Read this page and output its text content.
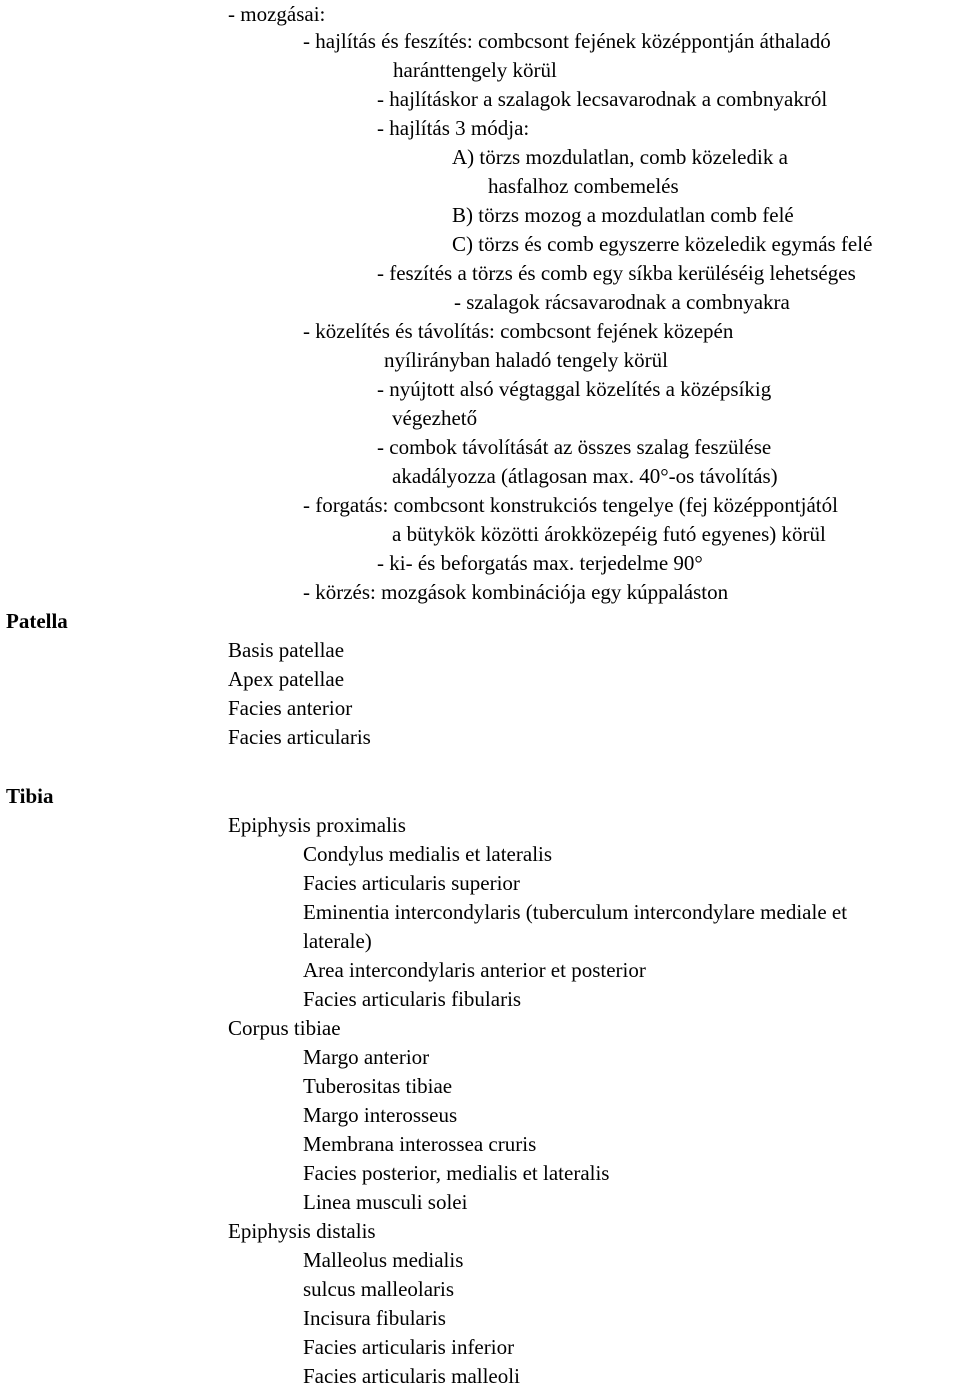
Patella
Tibia
- mozgásai:
- hajlítás és feszítés: combcsont fejének középpontján áthaladó
haránttengely körül
- hajlításkor a szalagok lecsavarodnak a combnyakról
- hajlítás 3 módja:
A) törzs mozdulatlan, comb közeledik a
hasfalhoz combemelés
B) törzs mozog a mozdulatlan comb felé
C) törzs és comb egyszerre közeledik egymás felé
- feszítés a törzs és comb egy síkba kerüléséig lehetséges
- szalagok rácsavarodnak a combnyakra
- közelítés és távolítás: combcsont fejének közepén
nyílirányban haladó tengely körül
- nyújtott alsó végtaggal közelítés a középsíkig
végezhető
- combok távolítását az összes szalag feszülése
akadályozza (átlagosan max. 40°-os távolítás)
- forgatás: combcsont konstrukciós tengelye (fej középpontjától
a bütykök közötti árokközepéig futó egyenes) körül
- ki- és beforgatás max. terjedelme 90°
- körzés: mozgások kombinációja egy kúppaláston
Basis patellae
Apex patellae
Facies anterior
Facies articularis
Epiphysis proximalis
Condylus medialis et lateralis
Facies articularis superior
Eminentia intercondylaris (tuberculum intercondylare mediale et
laterale)
Area intercondylaris anterior et posterior
Facies articularis fibularis
Corpus tibiae
Margo anterior
Tuberositas tibiae
Margo interosseus
Membrana interossea cruris
Facies posterior, medialis et lateralis
Linea musculi solei
Epiphysis distalis
Malleolus medialis
sulcus malleolaris
Incisura fibularis
Facies articularis inferior
Facies articularis malleoli
